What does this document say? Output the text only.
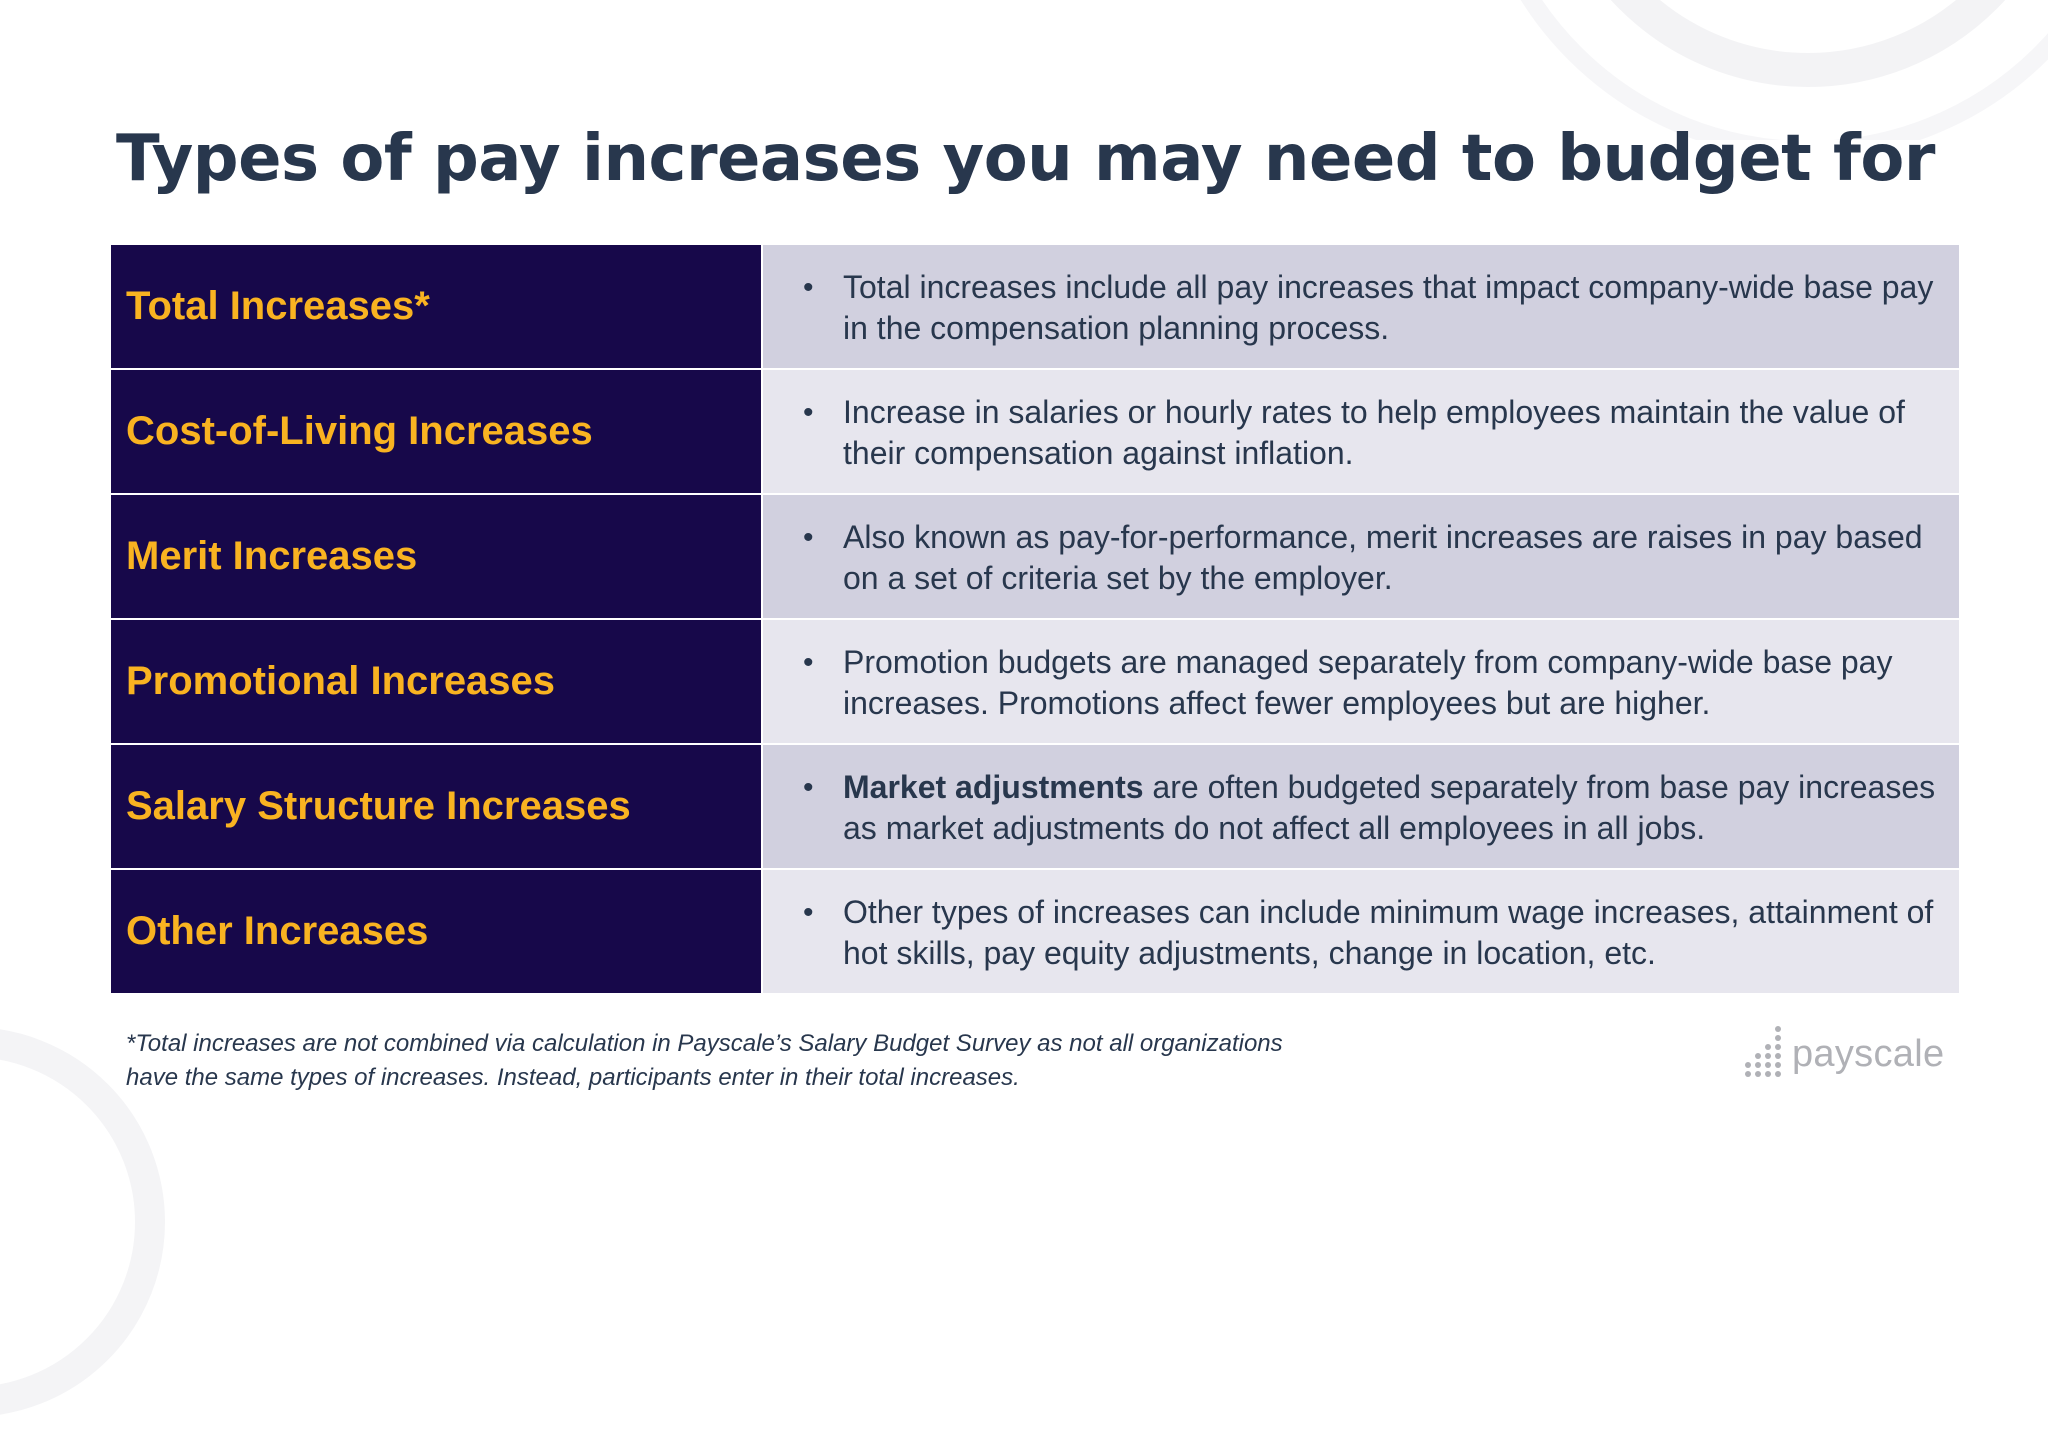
Types of pay increases you may need to budget for
Total Increases*	• Total increases include all pay increases that impact company-wide base pay in the compensation planning process.
Cost-of-Living Increases	• Increase in salaries or hourly rates to help employees maintain the value of their compensation against inflation.
Merit Increases	• Also known as pay-for-performance, merit increases are raises in pay based on a set of criteria set by the employer.
Promotional Increases	• Promotion budgets are managed separately from company-wide base pay increases. Promotions affect fewer employees but are higher.
Salary Structure Increases	• Market adjustments are often budgeted separately from base pay increases as market adjustments do not affect all employees in all jobs.
Other Increases	• Other types of increases can include minimum wage increases, attainment of hot skills, pay equity adjustments, change in location, etc.
*Total increases are not combined via calculation in Payscale’s Salary Budget Survey as not all organizations have the same types of increases. Instead, participants enter in their total increases.
payscale
